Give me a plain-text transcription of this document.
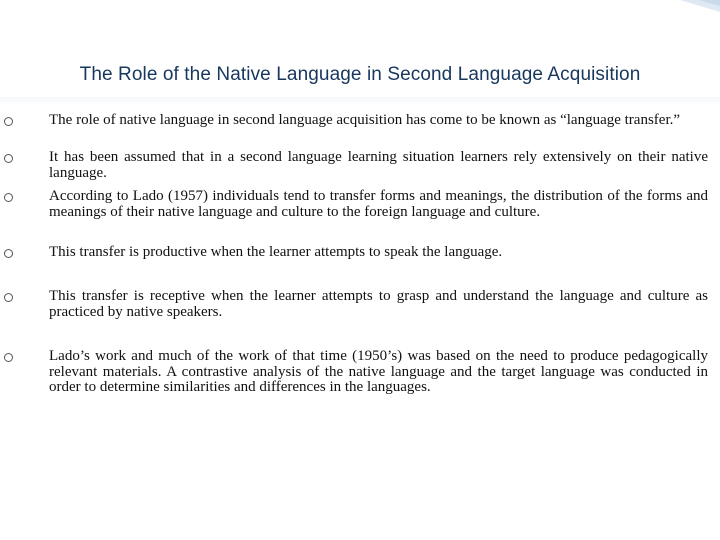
The Role of the Native Language in Second Language Acquisition
The role of native language in second language acquisition has come to be known as “language transfer.”
It has been assumed that in a second language learning situation learners rely extensively on their native language.
According to Lado (1957) individuals tend to transfer forms and meanings, the distribution of the forms and meanings of their native language and culture to the foreign language and culture.
This transfer is productive when the learner attempts to speak the language.
This transfer is receptive when the learner attempts to grasp and understand the language and culture as practiced by native speakers.
Lado’s work and much of the work of that time (1950’s) was based on the need to produce pedagogically relevant materials. A contrastive analysis of the native language and the target language was conducted in order to determine similarities and differences in the languages.
